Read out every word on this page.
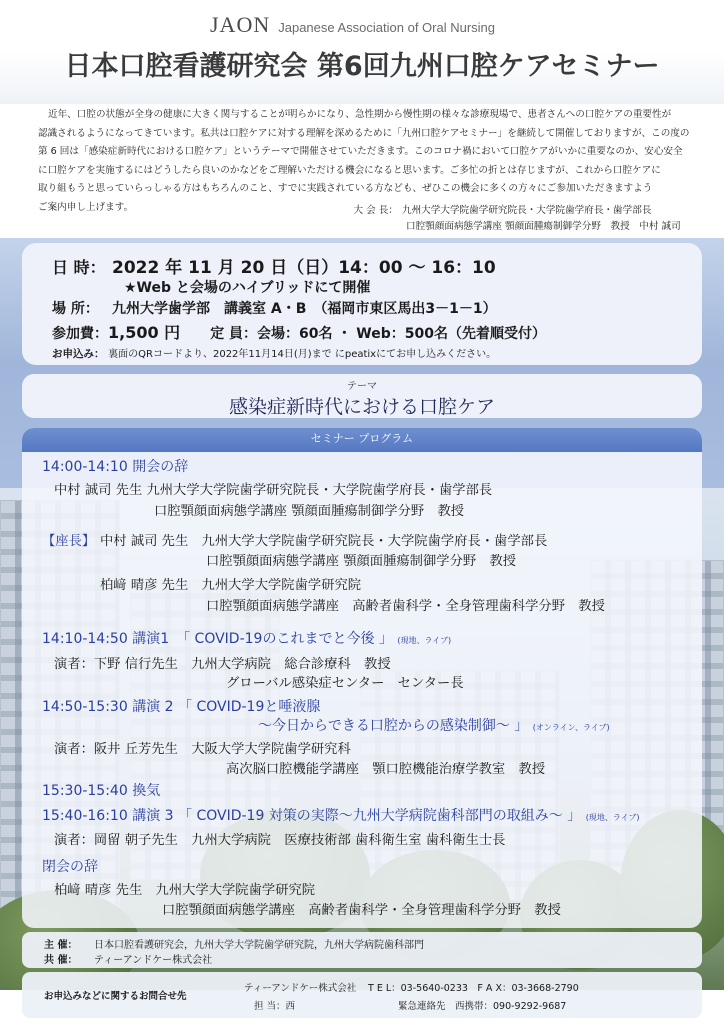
JAON Japanese Association of Oral Nursing
日本口腔看護研究会 第6回九州口腔ケアセミナー

近年、口腔の状態が全身の健康に大きく関与することが明らかになり、急性期から慢性期の様々な診療現場で、患者さんへの口腔ケアの重要性が

認識されるようになってきています。私共は口腔ケアに対する理解を深めるために「九州口腔ケアセミナー」を継続して開催しておりますが、この度の

第 6 回は「感染症新時代における口腔ケア」というテーマで開催させていただきます。このコロナ禍において口腔ケアがいかに重要なのか、安心安全

に口腔ケアを実施するにはどうしたら良いのかなどをご理解いただける機会になると思います。ご多忙の折とは存じますが、これから口腔ケアに

取り組もうと思っていらっしゃる方はもちろんのこと、すでに実践されている方なども、ぜひこの機会に多くの方々にご参加いただきますよう

ご案内申し上げます。	大 会 長： 九州大学大学院歯学研究院長・大学院歯学府長・歯学部長
口腔顎顔面病態学講座 顎顔面腫瘍制御学分野　教授　中村 誠司
日 時： 2022 年 11 月 20 日（日）14：00 ～ 16：10
★Web と会場のハイブリッドにて開催
場 所： 九州大学歯学部　講義室 A・B　（福岡市東区馬出3－1－1）
参加費：1,500 円 定 員：会場：60名 ・ Web：500名（先着順受付）
お申込み： 裏面のQRコードより、2022年11月14日(月)まで にpeatixにてお申し込みください。
テーマ
感染症新時代における口腔ケア
セミナー プログラム
14:00-14:10 開会の辞
中村 誠司 先生 九州大学大学院歯学研究院長・大学院歯学府長・歯学部長
口腔顎顔面病態学講座 顎顔面腫瘍制御学分野　教授
【座長】 中村 誠司 先生　九州大学大学院歯学研究院長・大学院歯学府長・歯学部長
口腔顎顔面病態学講座 顎顔面腫瘍制御学分野　教授
柏﨑 晴彦 先生　九州大学大学院歯学研究院
口腔顎顔面病態学講座　高齢者歯科学・全身管理歯科学分野　教授
14:10-14:50 講演1　「 COVID-19のこれまでと今後 」 (現地、ライブ)
演者：下野 信行先生　九州大学病院　総合診療科　教授
グローバル感染症センター　センター長
14:50-15:30 講演 2 「 COVID-19と唾液腺
～今日からできる口腔からの感染制御～ 」 (オンライン、ライブ)
演者：阪井 丘芳先生　大阪大学大学院歯学研究科
高次脳口腔機能学講座　顎口腔機能治療学教室　教授
15:30-15:40 換気
15:40-16:10 講演 3 「 COVID-19 対策の実際～九州大学病院歯科部門の取組み～ 」 (現地、ライブ)
演者：岡留 朝子先生　九州大学病院　医療技術部 歯科衛生室 歯科衛生士長
閉会の辞
柏﨑 晴彦 先生　九州大学大学院歯学研究院
口腔顎顔面病態学講座　高齢者歯科学・全身管理歯科学分野　教授
主 催： 日本口腔看護研究会，九州大学大学院歯学研究院，九州大学病院歯科部門
共 催： ティーアンドケー株式会社
お申込みなどに関するお問合せ先
ティーアンドケー株式会社
担 当：西
T E L：03-5640-0233　F A X：03-3668-2790
緊急連絡先　西携帯：090-9292-9687
